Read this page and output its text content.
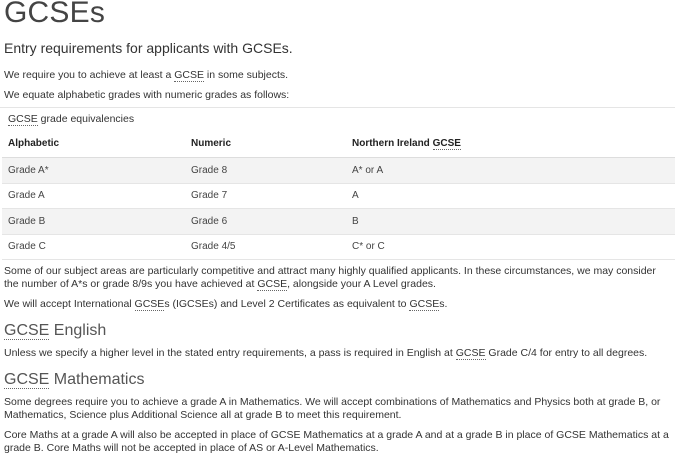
GCSEs
Entry requirements for applicants with GCSEs.
We require you to achieve at least a GCSE in some subjects.
We equate alphabetic grades with numeric grades as follows:
GCSE grade equivalencies
Alphabetic	Numeric	Northern Ireland GCSE
Grade A*	Grade 8	A* or A
Grade A	Grade 7	A
Grade B	Grade 6	B
Grade C	Grade 4/5	C* or C
Some of our subject areas are particularly competitive and attract many highly qualified applicants. In these circumstances, we may consider the number of A*s or grade 8/9s you have achieved at GCSE, alongside your A Level grades.
We will accept International GCSEs (IGCSEs) and Level 2 Certificates as equivalent to GCSEs.
GCSE English
Unless we specify a higher level in the stated entry requirements, a pass is required in English at GCSE Grade C/4 for entry to all degrees.
GCSE Mathematics
Some degrees require you to achieve a grade A in Mathematics. We will accept combinations of Mathematics and Physics both at grade B, or Mathematics, Science plus Additional Science all at grade B to meet this requirement.
Core Maths at a grade A will also be accepted in place of GCSE Mathematics at a grade A and at a grade B in place of GCSE Mathematics at a grade B. Core Maths will not be accepted in place of AS or A-Level Mathematics.
